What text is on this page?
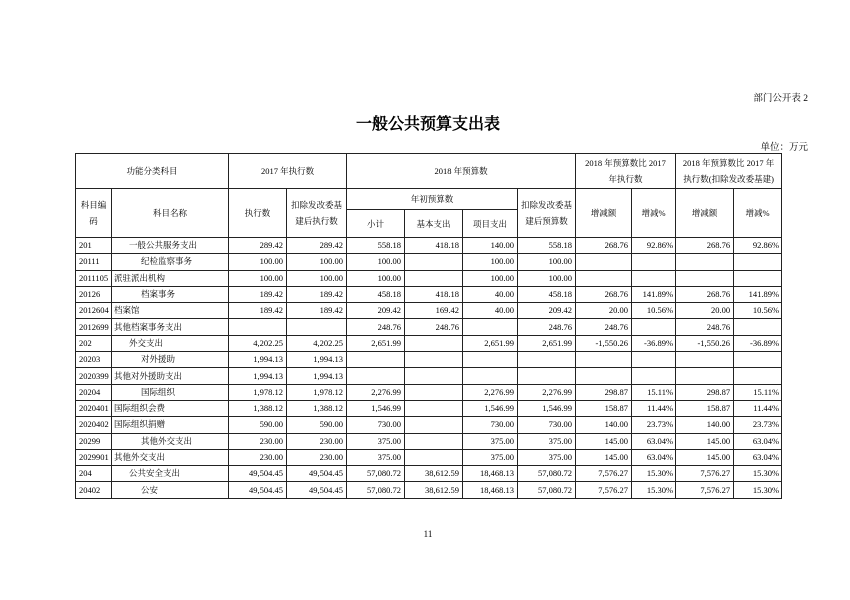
部门公开表 2
一般公共预算支出表
单位：万元
功能分类科目		2017 年执行数		2018 年预算数				2018 年预算数比 2017 年执行数		2018 年预算数比 2017 年执行数(扣除发改委基建)	
科目编码	科目名称	执行数	扣除发改委基建后执行数	年初预算数			扣除发改委基建后预算数	增减额	增减%	增减额	增减%
				小计	基本支出	项目支出					
201	一般公共服务支出	289.42	289.42	558.18	418.18	140.00	558.18	268.76	92.86%	268.76	92.86%
20111	纪检监察事务	100.00	100.00	100.00		100.00	100.00				
2011105	派驻派出机构	100.00	100.00	100.00		100.00	100.00				
20126	档案事务	189.42	189.42	458.18	418.18	40.00	458.18	268.76	141.89%	268.76	141.89%
2012604	档案馆	189.42	189.42	209.42	169.42	40.00	209.42	20.00	10.56%	20.00	10.56%
2012699	其他档案事务支出			248.76	248.76		248.76	248.76		248.76	
202	外交支出	4,202.25	4,202.25	2,651.99		2,651.99	2,651.99	-1,550.26	-36.89%	-1,550.26	-36.89%
20203	对外援助	1,994.13	1,994.13								
2020399	其他对外援助支出	1,994.13	1,994.13								
20204	国际组织	1,978.12	1,978.12	2,276.99		2,276.99	2,276.99	298.87	15.11%	298.87	15.11%
2020401	国际组织会费	1,388.12	1,388.12	1,546.99		1,546.99	1,546.99	158.87	11.44%	158.87	11.44%
2020402	国际组织捐赠	590.00	590.00	730.00		730.00	730.00	140.00	23.73%	140.00	23.73%
20299	其他外交支出	230.00	230.00	375.00		375.00	375.00	145.00	63.04%	145.00	63.04%
2029901	其他外交支出	230.00	230.00	375.00		375.00	375.00	145.00	63.04%	145.00	63.04%
204	公共安全支出	49,504.45	49,504.45	57,080.72	38,612.59	18,468.13	57,080.72	7,576.27	15.30%	7,576.27	15.30%
20402	公安	49,504.45	49,504.45	57,080.72	38,612.59	18,468.13	57,080.72	7,576.27	15.30%	7,576.27	15.30%
11
